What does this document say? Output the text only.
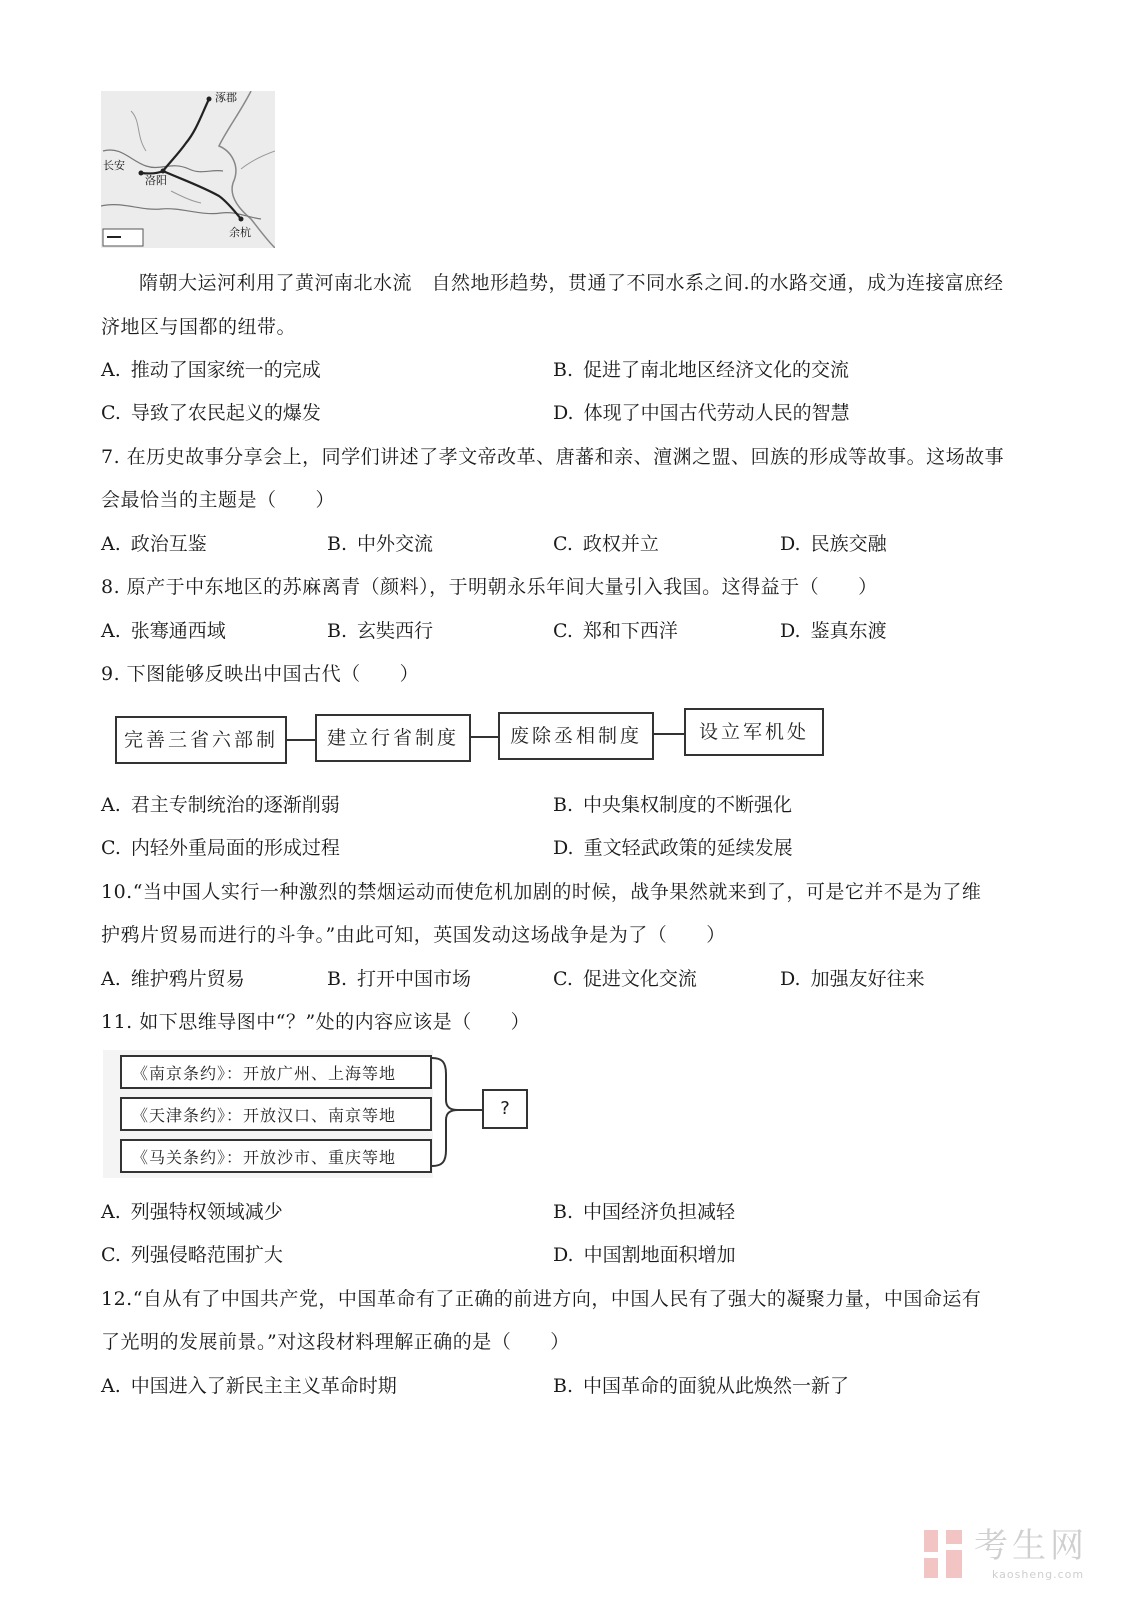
涿郡
长安
洛阳
余杭
隋朝大运河利用了黄河南北水流　自然地形趋势，贯通了不同水系之间.的水路交通，成为连接富庶经
济地区与国都的纽带。
A. 推动了国家统一的完成	B. 促进了南北地区经济文化的交流
C. 导致了农民起义的爆发	D. 体现了中国古代劳动人民的智慧
7. 在历史故事分享会上，同学们讲述了孝文帝改革、唐蕃和亲、澶渊之盟、回族的形成等故事。这场故事
会最恰当的主题是（　　）
A. 政治互鉴	B. 中外交流	C. 政权并立	D. 民族交融
8. 原产于中东地区的苏麻离青（颜料），于明朝永乐年间大量引入我国。这得益于（　　）
A. 张骞通西域	B. 玄奘西行	C. 郑和下西洋	D. 鉴真东渡
9. 下图能够反映出中国古代（　　）
完善三省六部制	建立行省制度	废除丞相制度	设立军机处
A. 君主专制统治的逐渐削弱	B. 中央集权制度的不断强化
C. 内轻外重局面的形成过程	D. 重文轻武政策的延续发展
10.“当中国人实行一种激烈的禁烟运动而使危机加剧的时候，战争果然就来到了，可是它并不是为了维
护鸦片贸易而进行的斗争。”由此可知，英国发动这场战争是为了（　　）
A. 维护鸦片贸易	B. 打开中国市场	C. 促进文化交流	D. 加强友好往来
11. 如下思维导图中“？”处的内容应该是（　　）
《南京条约》：开放广州、上海等地
《天津条约》：开放汉口、南京等地
《马关条约》：开放沙市、重庆等地
?
A. 列强特权领域减少	B. 中国经济负担减轻
C. 列强侵略范围扩大	D. 中国割地面积增加
12.“自从有了中国共产党，中国革命有了正确的前进方向，中国人民有了强大的凝聚力量，中国命运有
了光明的发展前景。”对这段材料理解正确的是（　　）
A. 中国进入了新民主主义革命时期	B. 中国革命的面貌从此焕然一新了
考生网
kaosheng.com
